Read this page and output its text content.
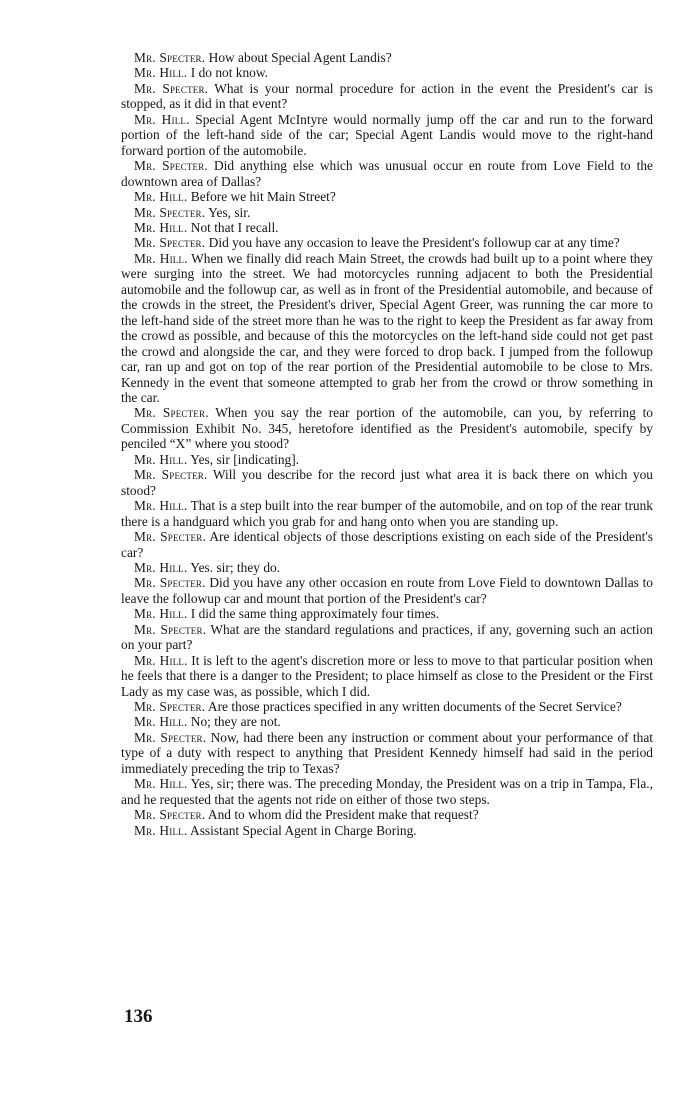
Mr. Specter. How about Special Agent Landis?

Mr. Hill. I do not know.

Mr. Specter. What is your normal procedure for action in the event the President's car is stopped, as it did in that event?

Mr. Hill. Special Agent McIntyre would normally jump off the car and run to the forward portion of the left-hand side of the car; Special Agent Landis would move to the right-hand forward portion of the automobile.

Mr. Specter. Did anything else which was unusual occur en route from Love Field to the downtown area of Dallas?

Mr. Hill. Before we hit Main Street?

Mr. Specter. Yes, sir.

Mr. Hill. Not that I recall.

Mr. Specter. Did you have any occasion to leave the President's followup car at any time?

Mr. Hill. When we finally did reach Main Street, the crowds had built up to a point where they were surging into the street. We had motorcycles running adjacent to both the Presidential automobile and the followup car, as well as in front of the Presidential automobile, and because of the crowds in the street, the President's driver, Special Agent Greer, was running the car more to the left-hand side of the street more than he was to the right to keep the President as far away from the crowd as possible, and because of this the motorcycles on the left-hand side could not get past the crowd and alongside the car, and they were forced to drop back. I jumped from the followup car, ran up and got on top of the rear portion of the Presidential automobile to be close to Mrs. Kennedy in the event that someone attempted to grab her from the crowd or throw something in the car.

Mr. Specter. When you say the rear portion of the automobile, can you, by referring to Commission Exhibit No. 345, heretofore identified as the President's automobile, specify by penciled “X” where you stood?

Mr. Hill. Yes, sir [indicating].

Mr. Specter. Will you describe for the record just what area it is back there on which you stood?

Mr. Hill. That is a step built into the rear bumper of the automobile, and on top of the rear trunk there is a handguard which you grab for and hang onto when you are standing up.

Mr. Specter. Are identical objects of those descriptions existing on each side of the President's car?

Mr. Hill. Yes. sir; they do.

Mr. Specter. Did you have any other occasion en route from Love Field to downtown Dallas to leave the followup car and mount that portion of the President's car?

Mr. Hill. I did the same thing approximately four times.

Mr. Specter. What are the standard regulations and practices, if any, governing such an action on your part?

Mr. Hill. It is left to the agent's discretion more or less to move to that particular position when he feels that there is a danger to the President; to place himself as close to the President or the First Lady as my case was, as possible, which I did.

Mr. Specter. Are those practices specified in any written documents of the Secret Service?

Mr. Hill. No; they are not.

Mr. Specter. Now, had there been any instruction or comment about your performance of that type of a duty with respect to anything that President Kennedy himself had said in the period immediately preceding the trip to Texas?

Mr. Hill. Yes, sir; there was. The preceding Monday, the President was on a trip in Tampa, Fla., and he requested that the agents not ride on either of those two steps.

Mr. Specter. And to whom did the President make that request?

Mr. Hill. Assistant Special Agent in Charge Boring.

136
